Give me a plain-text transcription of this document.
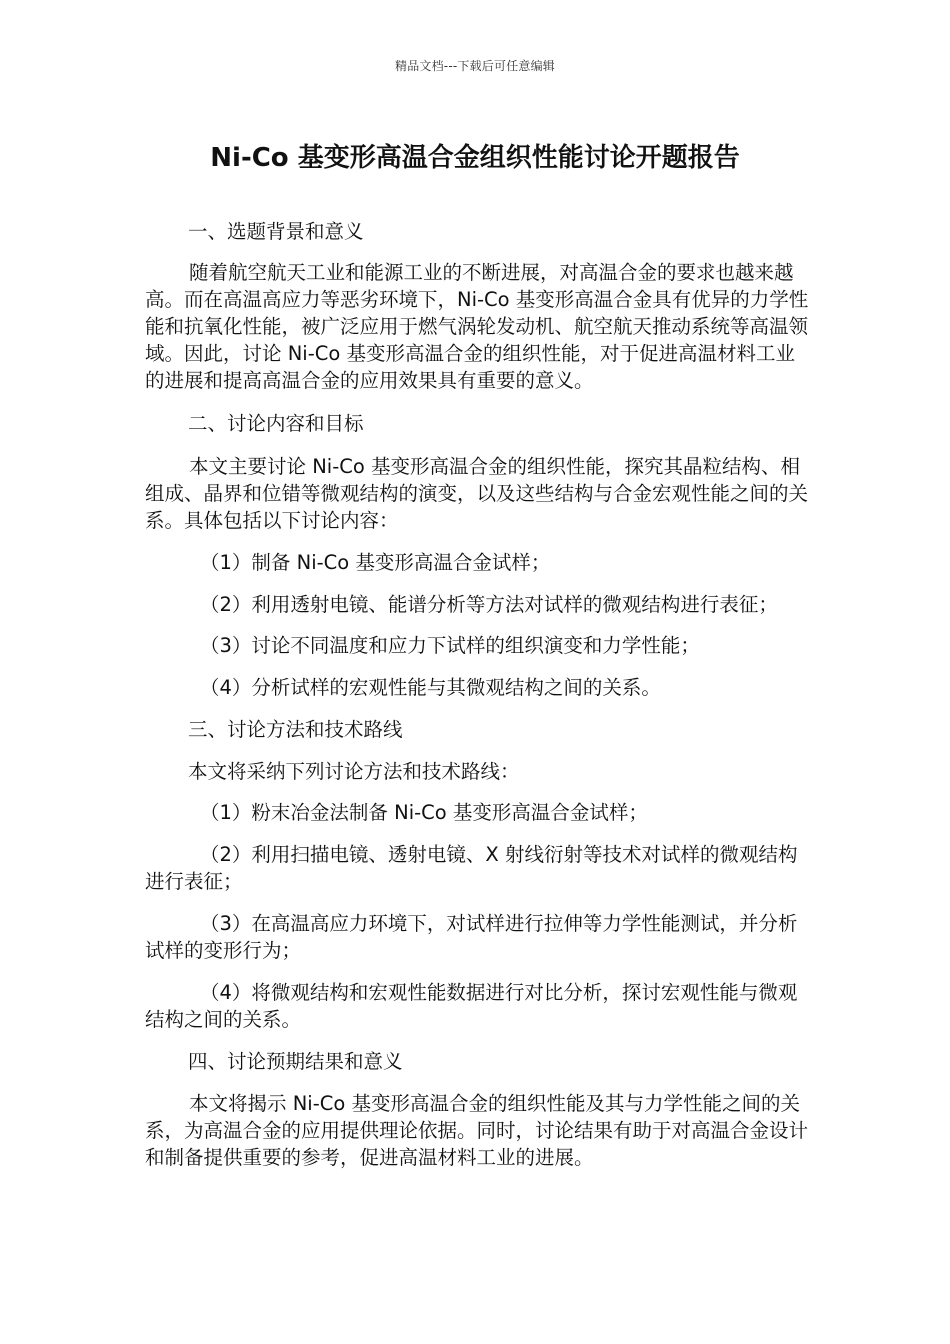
精品文档---下载后可任意编辑
Ni-Co 基变形高温合金组织性能讨论开题报告

一、选题背景和意义

随着航空航天工业和能源工业的不断进展，对高温合金的要求也越来越高。而在高温高应力等恶劣环境下，Ni-Co 基变形高温合金具有优异的力学性能和抗氧化性能，被广泛应用于燃气涡轮发动机、航空航天推动系统等高温领域。因此，讨论 Ni-Co 基变形高温合金的组织性能，对于促进高温材料工业的进展和提高高温合金的应用效果具有重要的意义。

二、讨论内容和目标

本文主要讨论 Ni-Co 基变形高温合金的组织性能，探究其晶粒结构、相组成、晶界和位错等微观结构的演变，以及这些结构与合金宏观性能之间的关系。具体包括以下讨论内容：

（1）制备 Ni-Co 基变形高温合金试样；

（2）利用透射电镜、能谱分析等方法对试样的微观结构进行表征；

（3）讨论不同温度和应力下试样的组织演变和力学性能；

（4）分析试样的宏观性能与其微观结构之间的关系。

三、讨论方法和技术路线

本文将采纳下列讨论方法和技术路线：

（1）粉末冶金法制备 Ni-Co 基变形高温合金试样；

（2）利用扫描电镜、透射电镜、X 射线衍射等技术对试样的微观结构进行表征；

（3）在高温高应力环境下，对试样进行拉伸等力学性能测试，并分析试样的变形行为；

（4）将微观结构和宏观性能数据进行对比分析，探讨宏观性能与微观结构之间的关系。

四、讨论预期结果和意义

本文将揭示 Ni-Co 基变形高温合金的组织性能及其与力学性能之间的关系，为高温合金的应用提供理论依据。同时，讨论结果有助于对高温合金设计和制备提供重要的参考，促进高温材料工业的进展。
